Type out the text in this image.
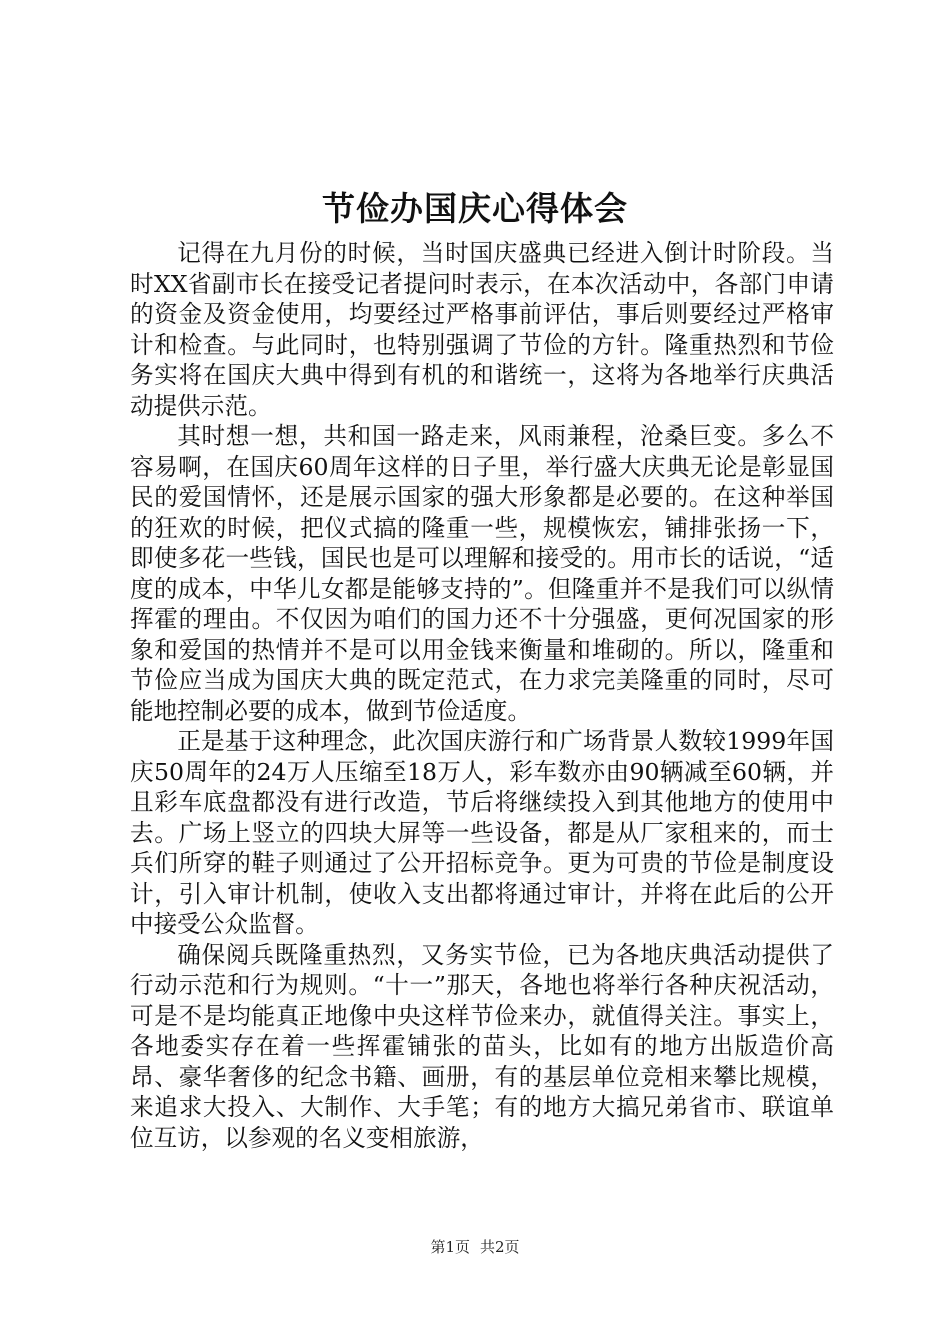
节俭办国庆心得体会

记得在九月份的时候，当时国庆盛典已经进入倒计时阶段。当时XX省副市长在接受记者提问时表示，在本次活动中，各部门申请的资金及资金使用，均要经过严格事前评估，事后则要经过严格审计和检查。与此同时，也特别强调了节俭的方针。隆重热烈和节俭务实将在国庆大典中得到有机的和谐统一，这将为各地举行庆典活动提供示范。

其时想一想，共和国一路走来，风雨兼程，沧桑巨变。多么不容易啊，在国庆60周年这样的日子里，举行盛大庆典无论是彰显国民的爱国情怀，还是展示国家的强大形象都是必要的。在这种举国的狂欢的时候，把仪式搞的隆重一些，规模恢宏，铺排张扬一下，即使多花一些钱，国民也是可以理解和接受的。用市长的话说，“适度的成本，中华儿女都是能够支持的”。但隆重并不是我们可以纵情挥霍的理由。不仅因为咱们的国力还不十分强盛，更何况国家的形象和爱国的热情并不是可以用金钱来衡量和堆砌的。所以，隆重和节俭应当成为国庆大典的既定范式，在力求完美隆重的同时，尽可能地控制必要的成本，做到节俭适度。

正是基于这种理念，此次国庆游行和广场背景人数较1999年国庆50周年的24万人压缩至18万人，彩车数亦由90辆减至60辆，并且彩车底盘都没有进行改造，节后将继续投入到其他地方的使用中去。广场上竖立的四块大屏等一些设备，都是从厂家租来的，而士兵们所穿的鞋子则通过了公开招标竞争。更为可贵的节俭是制度设计，引入审计机制，使收入支出都将通过审计，并将在此后的公开中接受公众监督。

确保阅兵既隆重热烈，又务实节俭，已为各地庆典活动提供了行动示范和行为规则。“十一”那天，各地也将举行各种庆祝活动，可是不是均能真正地像中央这样节俭来办，就值得关注。事实上，各地委实存在着一些挥霍铺张的苗头，比如有的地方出版造价高昂、豪华奢侈的纪念书籍、画册，有的基层单位竞相来攀比规模，来追求大投入、大制作、大手笔；有的地方大搞兄弟省市、联谊单位互访，以参观的名义变相旅游，

第1页 共2页
